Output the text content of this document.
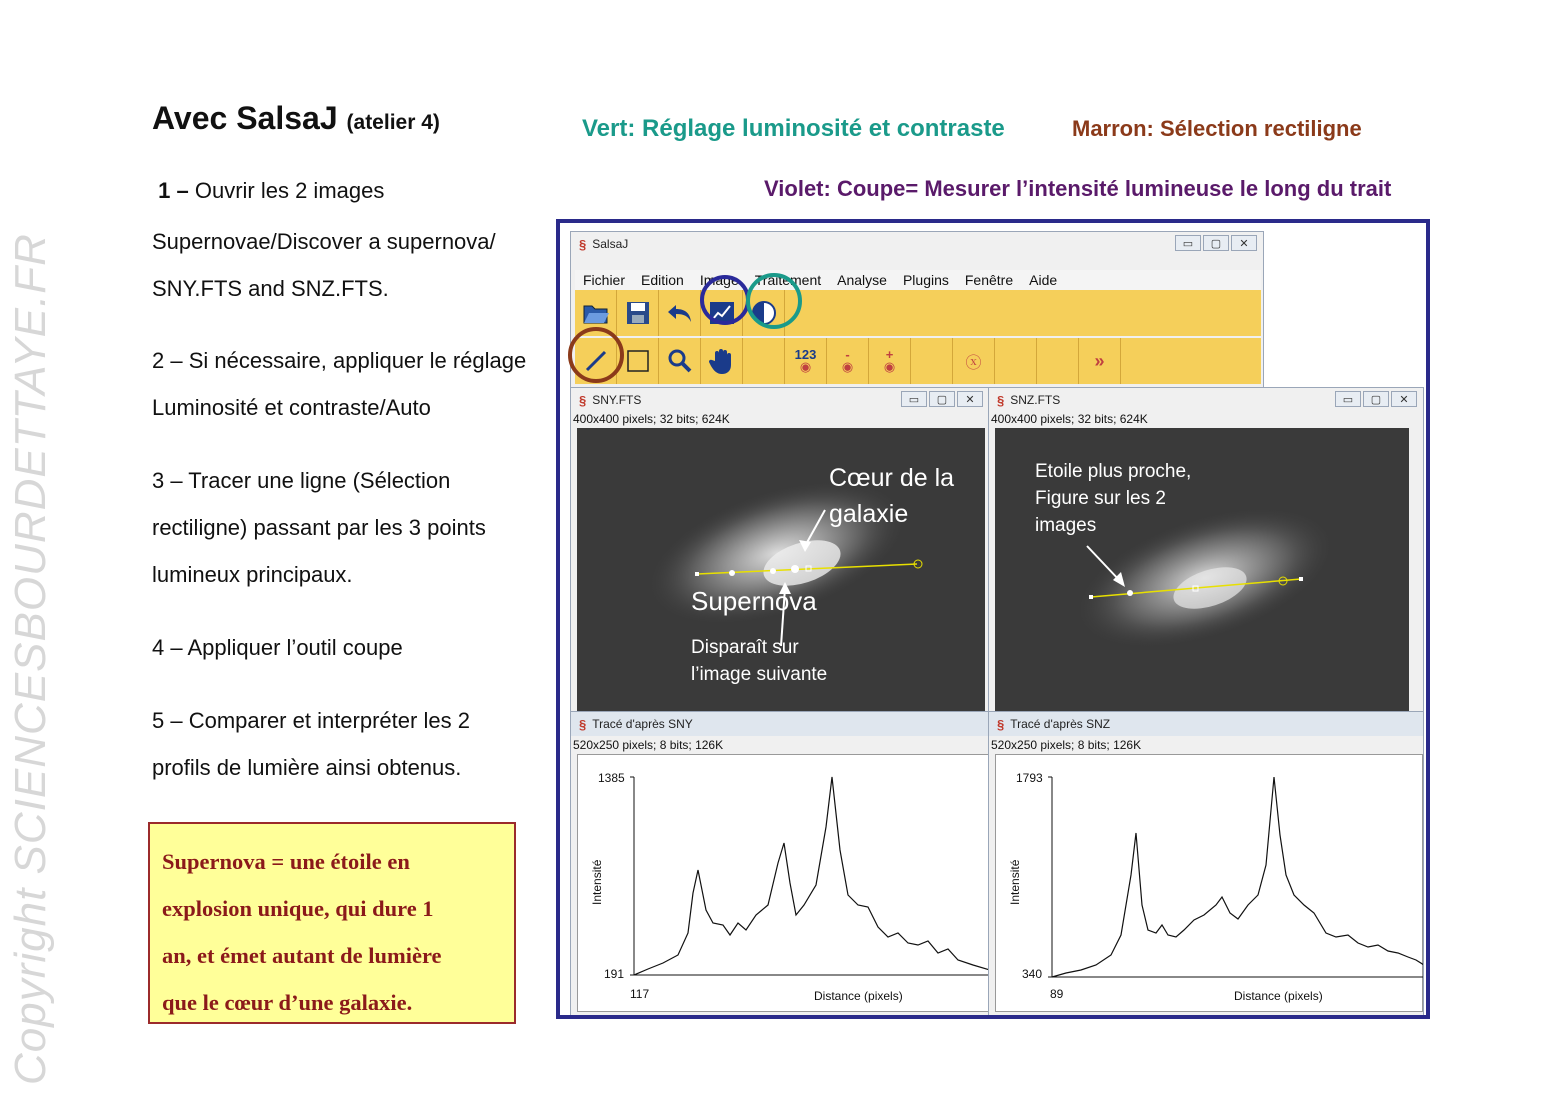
Copyright SCIENCESBOURDETTAYE.FR
Avec SalsaJ (atelier 4)
1 – Ouvrir les 2 images
Supernovae/Discover a supernova/
SNY.FTS and SNZ.FTS.
2 – Si nécessaire, appliquer le réglage
Luminosité et contraste/Auto
3 – Tracer une ligne (Sélection
rectiligne) passant par les 3 points
lumineux principaux.
4 – Appliquer l’outil coupe
5 – Comparer et interpréter les 2
profils de lumière ainsi obtenus.
Vert: Réglage luminosité et contraste	Marron: Sélection rectiligne
Violet: Coupe= Mesurer l’intensité lumineuse le long du trait
Supernova = une étoile en
explosion unique, qui dure 1
an, et émet autant de lumière
que le cœur d’une galaxie.
§ SalsaJ	▭	▢	✕
Fichier	Edition	Image	Traitement	Analyse	Plugins	Fenêtre	Aide
123
◉
-
◉
+
◉	ⓧ	»
§ SNY.FTS	▭	▢	✕
400x400 pixels; 32 bits; 624K
Cœur de la
galaxie
Supernova
Disparaît sur
l’image suivante
§ SNZ.FTS	▭	▢	✕
400x400 pixels; 32 bits; 624K
Etoile plus proche,
Figure sur les 2
images
§ Tracé d'après SNY
520x250 pixels; 8 bits; 126K
1385
191
117	Distance (pixels)
Intensité
§ Tracé d'après SNZ
520x250 pixels; 8 bits; 126K
1793
340
89	Distance (pixels)
Intensité
